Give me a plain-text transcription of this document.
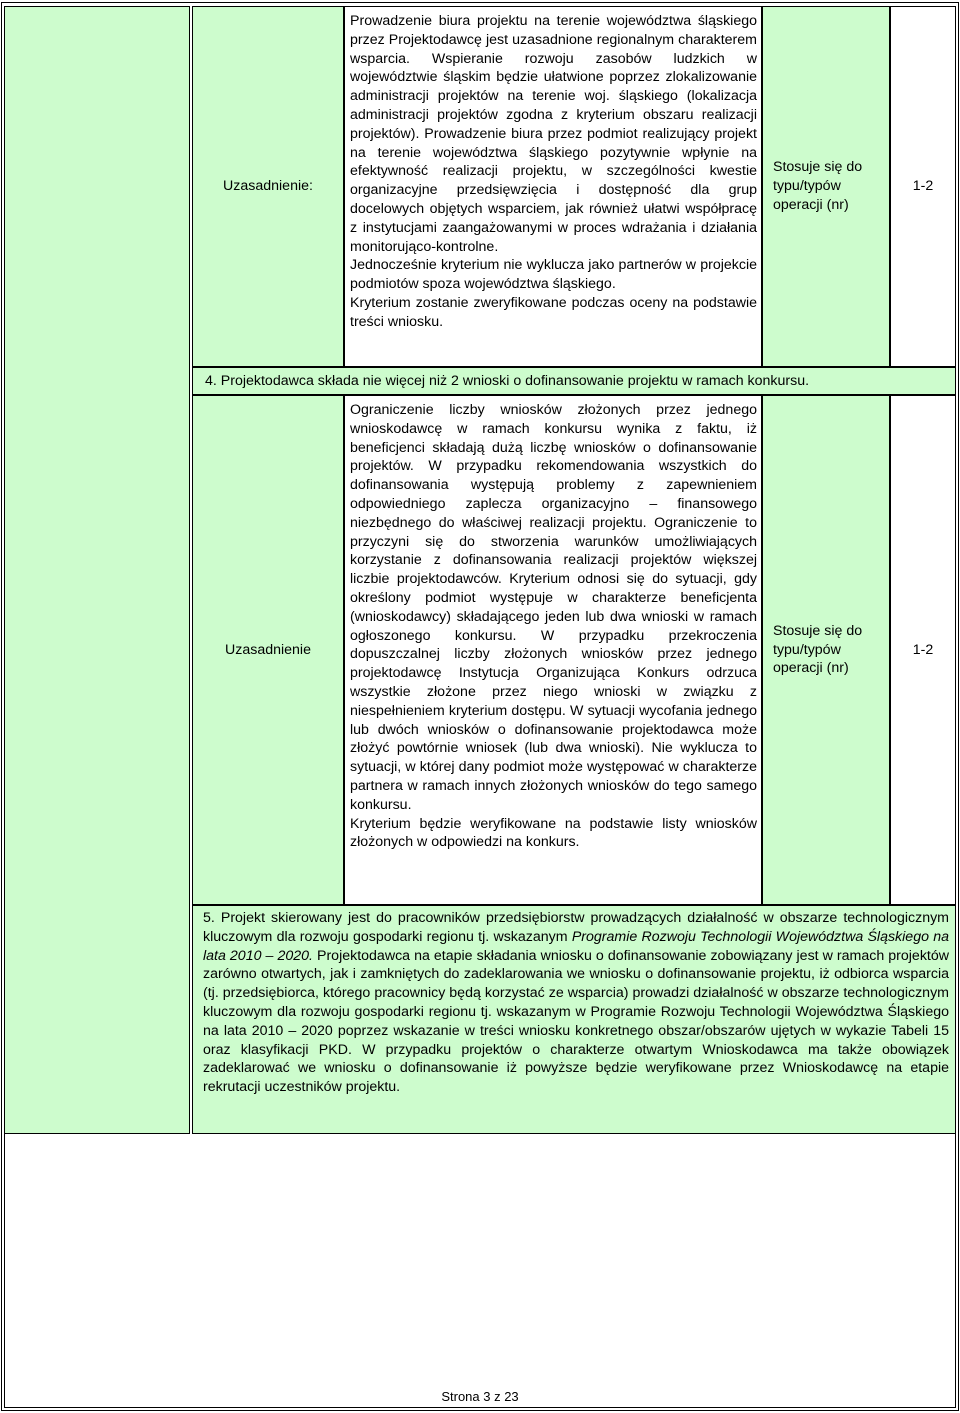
Uzasadnienie:
Prowadzenie biura projektu na terenie województwa śląskiego przez Projektodawcę jest uzasadnione regionalnym charakterem wsparcia. Wspieranie rozwoju zasobów ludzkich w województwie śląskim będzie ułatwione poprzez zlokalizowanie administracji projektów na terenie woj. śląskiego (lokalizacja administracji projektów zgodna z kryterium obszaru realizacji projektów). Prowadzenie biura przez podmiot realizujący projekt na terenie województwa śląskiego pozytywnie wpłynie na efektywność realizacji projektu, w szczególności kwestie organizacyjne przedsięwzięcia i dostępność dla grup docelowych objętych wsparciem, jak również ułatwi współpracę z instytucjami zaangażowanymi w proces wdrażania i działania monitorująco-kontrolne.
Jednocześnie kryterium nie wyklucza jako partnerów w projekcie podmiotów spoza województwa śląskiego.
Kryterium zostanie zweryfikowane podczas oceny na podstawie treści wniosku.
Stosuje się do typu/typów operacji (nr)
1-2
4. Projektodawca składa nie więcej niż 2 wnioski o dofinansowanie projektu w ramach konkursu.
Uzasadnienie
Ograniczenie liczby wniosków złożonych przez jednego wnioskodawcę w ramach konkursu wynika z faktu, iż beneficjenci składają dużą liczbę wniosków o dofinansowanie projektów. W przypadku rekomendowania wszystkich do dofinansowania występują problemy z zapewnieniem odpowiedniego zaplecza organizacyjno – finansowego niezbędnego do właściwej realizacji projektu. Ograniczenie to przyczyni się do stworzenia warunków umożliwiających korzystanie z dofinansowania realizacji projektów większej liczbie projektodawców. Kryterium odnosi się do sytuacji, gdy określony podmiot występuje w charakterze beneficjenta (wnioskodawcy) składającego jeden lub dwa wnioski w ramach ogłoszonego konkursu. W przypadku przekroczenia dopuszczalnej liczby złożonych wniosków przez jednego projektodawcę Instytucja Organizująca Konkurs odrzuca wszystkie złożone przez niego wnioski w związku z niespełnieniem kryterium dostępu. W sytuacji wycofania jednego lub dwóch wniosków o dofinansowanie projektodawca może złożyć powtórnie wniosek (lub dwa wnioski). Nie wyklucza to sytuacji, w której dany podmiot może występować w charakterze partnera w ramach innych złożonych wniosków do tego samego konkursu.
Kryterium będzie weryfikowane na podstawie listy wniosków złożonych w odpowiedzi na konkurs.
Stosuje się do typu/typów operacji (nr)
1-2
5. Projekt skierowany jest do pracowników przedsiębiorstw prowadzących działalność w obszarze technologicznym kluczowym dla rozwoju gospodarki regionu tj. wskazanym Programie Rozwoju Technologii Województwa Śląskiego na lata 2010 – 2020. Projektodawca na etapie składania wniosku o dofinansowanie zobowiązany jest w ramach projektów zarówno otwartych, jak i zamkniętych do zadeklarowania we wniosku o dofinansowanie projektu, iż odbiorca wsparcia (tj. przedsiębiorca, którego pracownicy będą korzystać ze wsparcia) prowadzi działalność w obszarze technologicznym kluczowym dla rozwoju gospodarki regionu tj. wskazanym w Programie Rozwoju Technologii Województwa Śląskiego na lata 2010 – 2020 poprzez wskazanie w treści wniosku konkretnego obszar/obszarów ujętych w wykazie Tabeli 15 oraz klasyfikacji PKD. W przypadku projektów o charakterze otwartym Wnioskodawca ma także obowiązek zadeklarować we wniosku o dofinansowanie iż powyższe będzie weryfikowane przez Wnioskodawcę na etapie rekrutacji uczestników projektu.
Strona 3 z 23
